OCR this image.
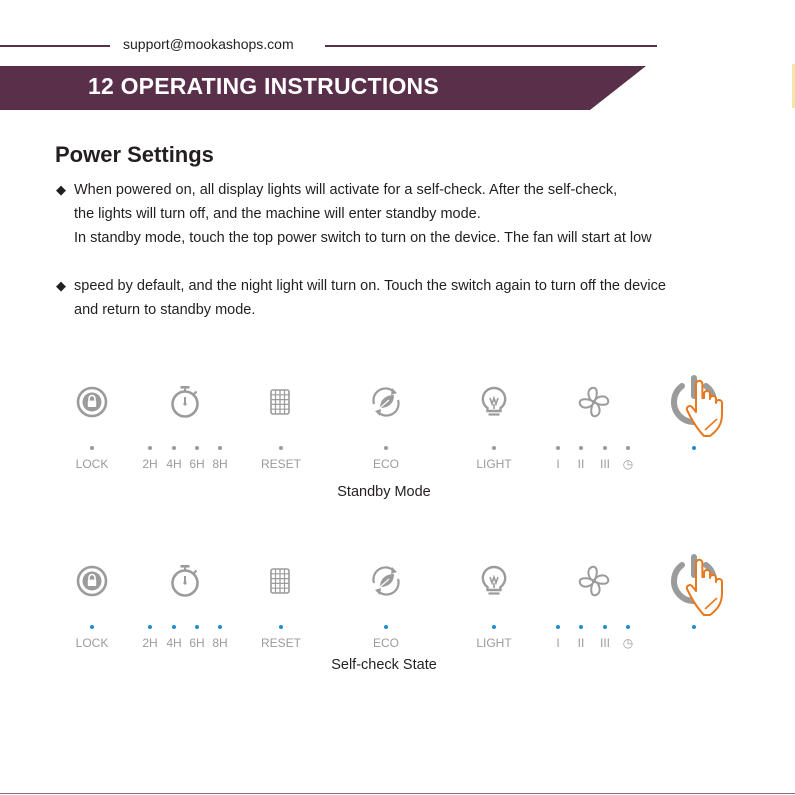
support@mookashops.com
12 OPERATING INSTRUCTIONS
Power Settings
◆ When powered on, all display lights will activate for a self-check. After the self-check,
the lights will turn off, and the machine will enter standby mode.
In standby mode, touch the top power switch to turn on the device. The fan will start at low
◆ speed by default, and the night light will turn on. Touch the switch again to turn off the device
and return to standby mode.
LOCK	2H 4H 6H 8H	RESET	ECO	LIGHT	I II III ◷
Standby Mode
LOCK	2H 4H 6H 8H	RESET	ECO	LIGHT	I II III ◷
Self-check State
